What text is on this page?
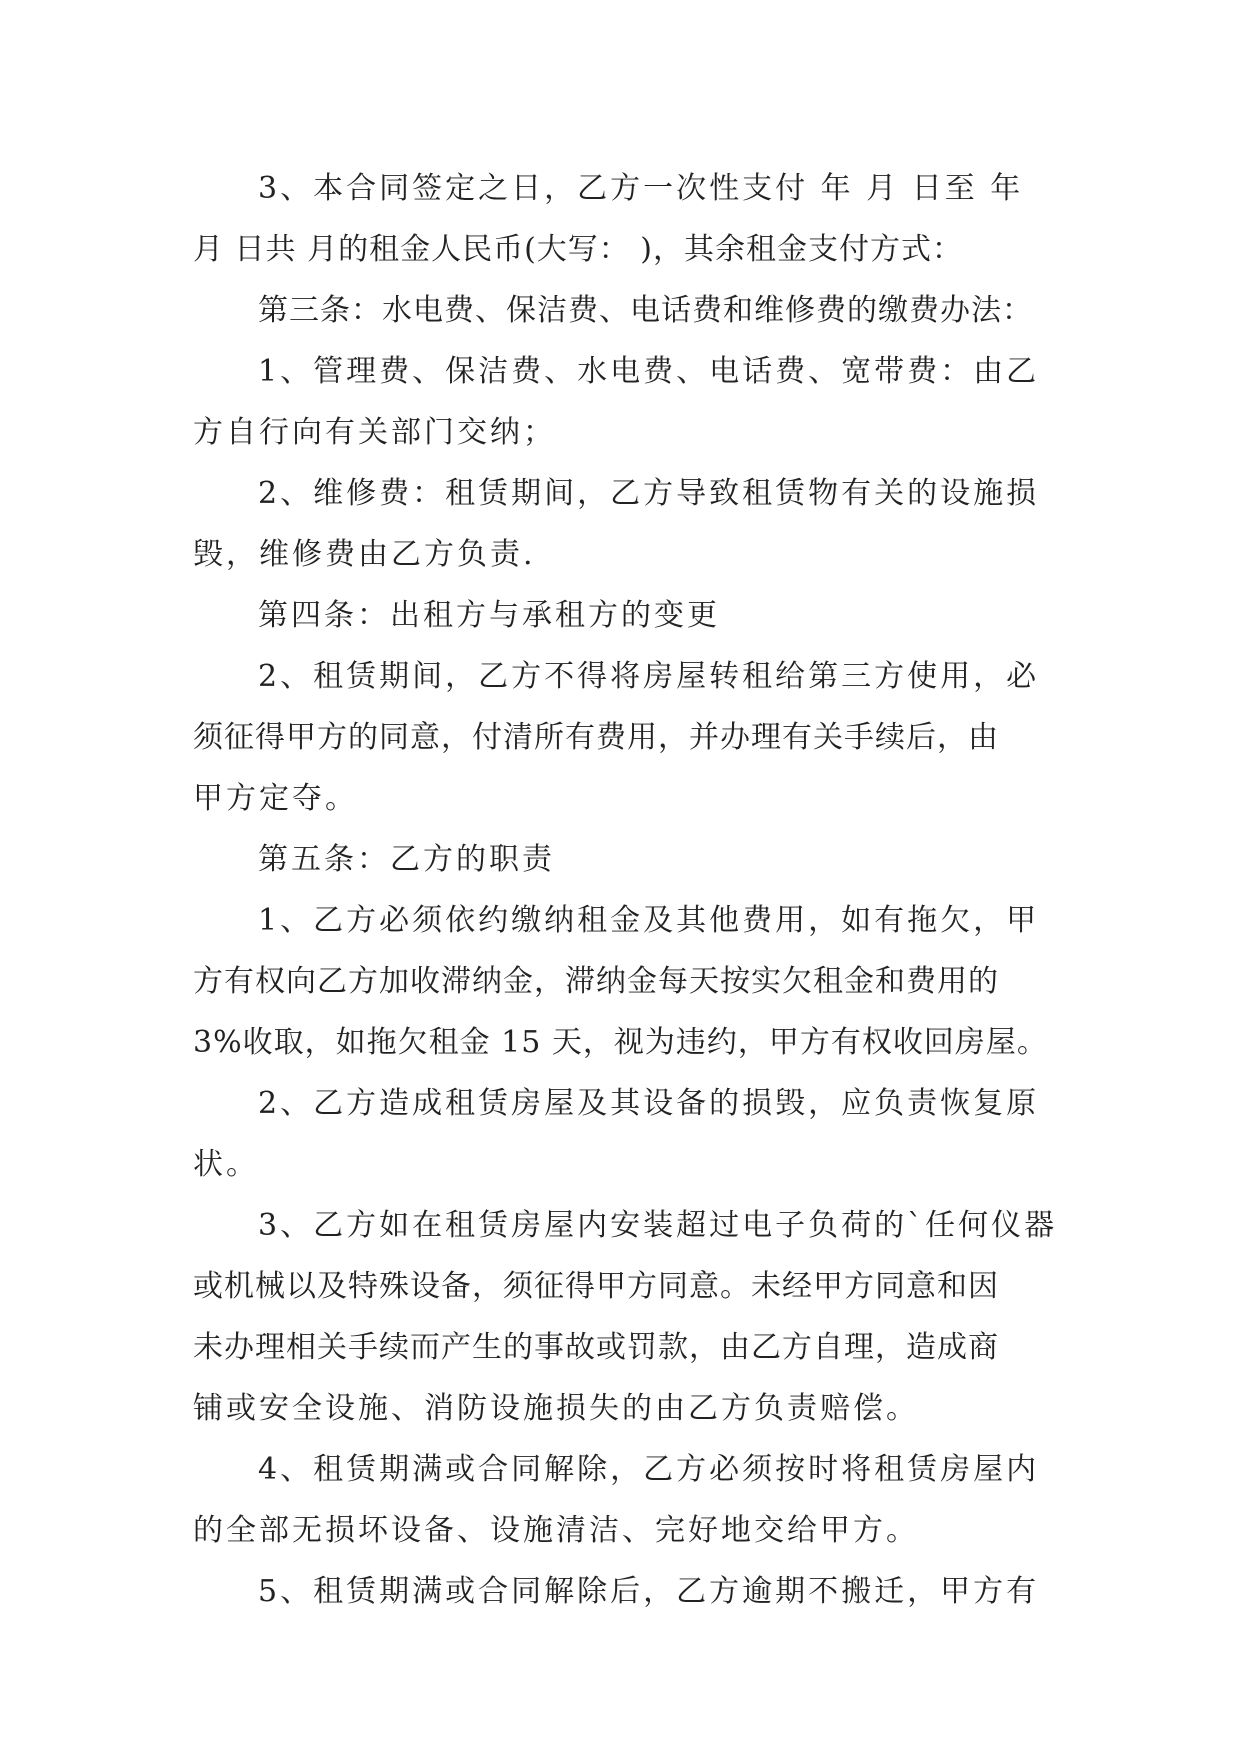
3、本合同签定之日，乙方一次性支付 年 月 日至 年
月 日共 月的租金人民币(大写： )，其余租金支付方式：
第三条：水电费、保洁费、电话费和维修费的缴费办法：
1、管理费、保洁费、水电费、电话费、宽带费：由乙
方自行向有关部门交纳；
2、维修费：租赁期间，乙方导致租赁物有关的设施损
毁，维修费由乙方负责.
第四条：出租方与承租方的变更
2、租赁期间，乙方不得将房屋转租给第三方使用，必
须征得甲方的同意，付清所有费用，并办理有关手续后，由
甲方定夺。
第五条：乙方的职责
1、乙方必须依约缴纳租金及其他费用，如有拖欠，甲
方有权向乙方加收滞纳金，滞纳金每天按实欠租金和费用的
3%收取，如拖欠租金 15 天，视为违约，甲方有权收回房屋。
2、乙方造成租赁房屋及其设备的损毁，应负责恢复原
状。
3、乙方如在租赁房屋内安装超过电子负荷的`任何仪器
或机械以及特殊设备，须征得甲方同意。未经甲方同意和因
未办理相关手续而产生的事故或罚款，由乙方自理，造成商
铺或安全设施、消防设施损失的由乙方负责赔偿。
4、租赁期满或合同解除，乙方必须按时将租赁房屋内
的全部无损坏设备、设施清洁、完好地交给甲方。
5、租赁期满或合同解除后，乙方逾期不搬迁，甲方有
